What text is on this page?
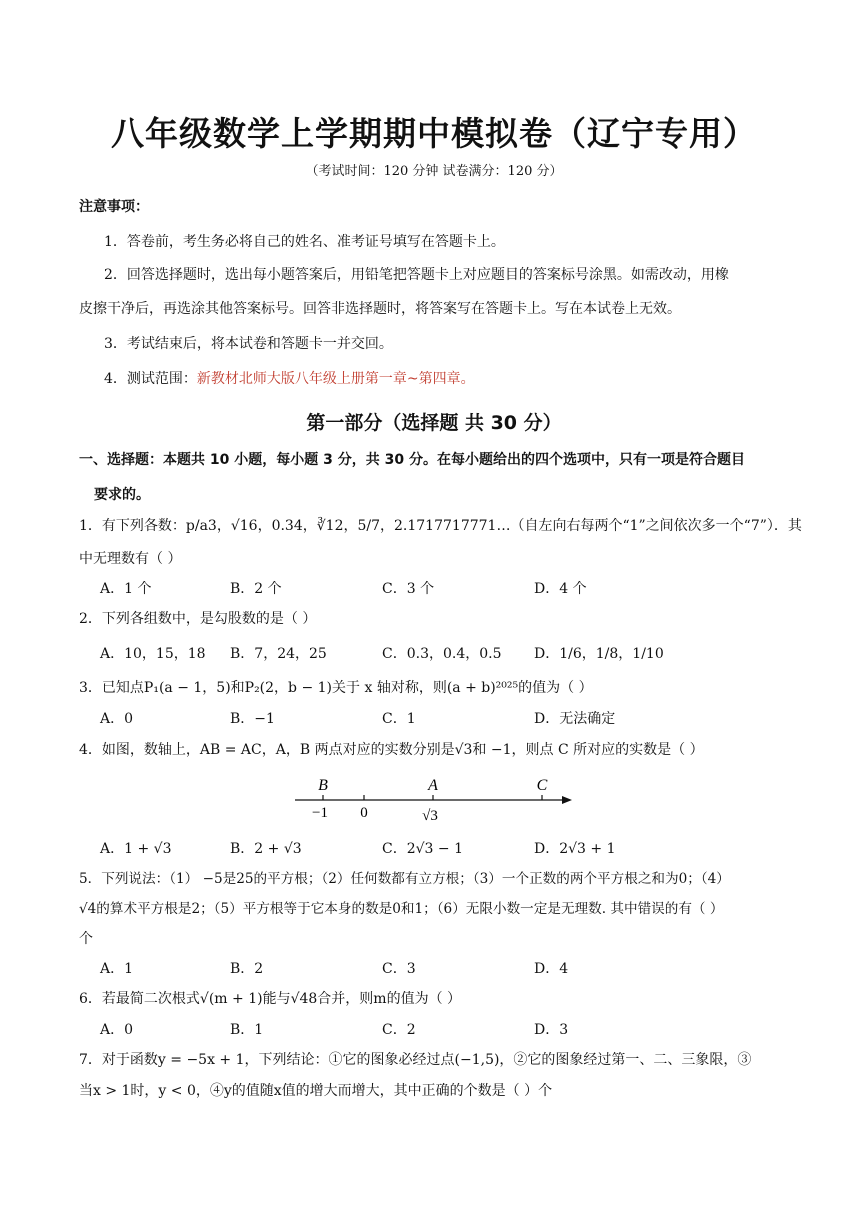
八年级数学上学期期中模拟卷（辽宁专用）
（考试时间：120 分钟 试卷满分：120 分）
注意事项：
1．答卷前，考生务必将自己的姓名、准考证号填写在答题卡上。
2．回答选择题时，选出每小题答案后，用铅笔把答题卡上对应题目的答案标号涂黑。如需改动，用橡
皮擦干净后，再选涂其他答案标号。回答非选择题时，将答案写在答题卡上。写在本试卷上无效。
3．考试结束后，将本试卷和答题卡一并交回。
4．测试范围：新教材北师大版八年级上册第一章~第四章。
第一部分（选择题 共 30 分）
一、选择题：本题共 10 小题，每小题 3 分，共 30 分。在每小题给出的四个选项中，只有一项是符合题目
要求的。
1．有下列各数：p/a3，√16，0.34，∛12，5/7，2.1717717771…（自左向右每两个“1”之间依次多一个“7”）．其
中无理数有（ ）
A．1 个	B．2 个	C．3 个	D．4 个
2．下列各组数中，是勾股数的是（ ）
A．10，15，18 B．7，24，25	C．0.3，0.4，0.5 D．1/6，1/8，1/10
3．已知点P₁(a − 1，5)和P₂(2，b − 1)关于 x 轴对称，则(a + b)²⁰²⁵的值为（ ）
A．0	B．−1	C．1	D．无法确定
4．如图，数轴上，AB = AC，A，B 两点对应的实数分别是√3和 −1，则点 C 所对应的实数是（ ）
B	A	C
−1 0	√3
A．1 + √3	B．2 + √3	C．2√3 − 1	D．2√3 + 1
5．下列说法：（1） −5是25的平方根；（2）任何数都有立方根；（3）一个正数的两个平方根之和为0；（4）
√4的算术平方根是2；（5）平方根等于它本身的数是0和1；（6）无限小数一定是无理数. 其中错误的有（ ）
个
A．1	B．2	C．3	D．4
6．若最简二次根式√(m + 1)能与√48合并，则m的值为（ ）
A．0	B．1	C．2	D．3
7．对于函数y = −5x + 1，下列结论：①它的图象必经过点(−1,5)，②它的图象经过第一、二、三象限，③
当x > 1时，y < 0，④y的值随x值的增大而增大，其中正确的个数是（ ）个
